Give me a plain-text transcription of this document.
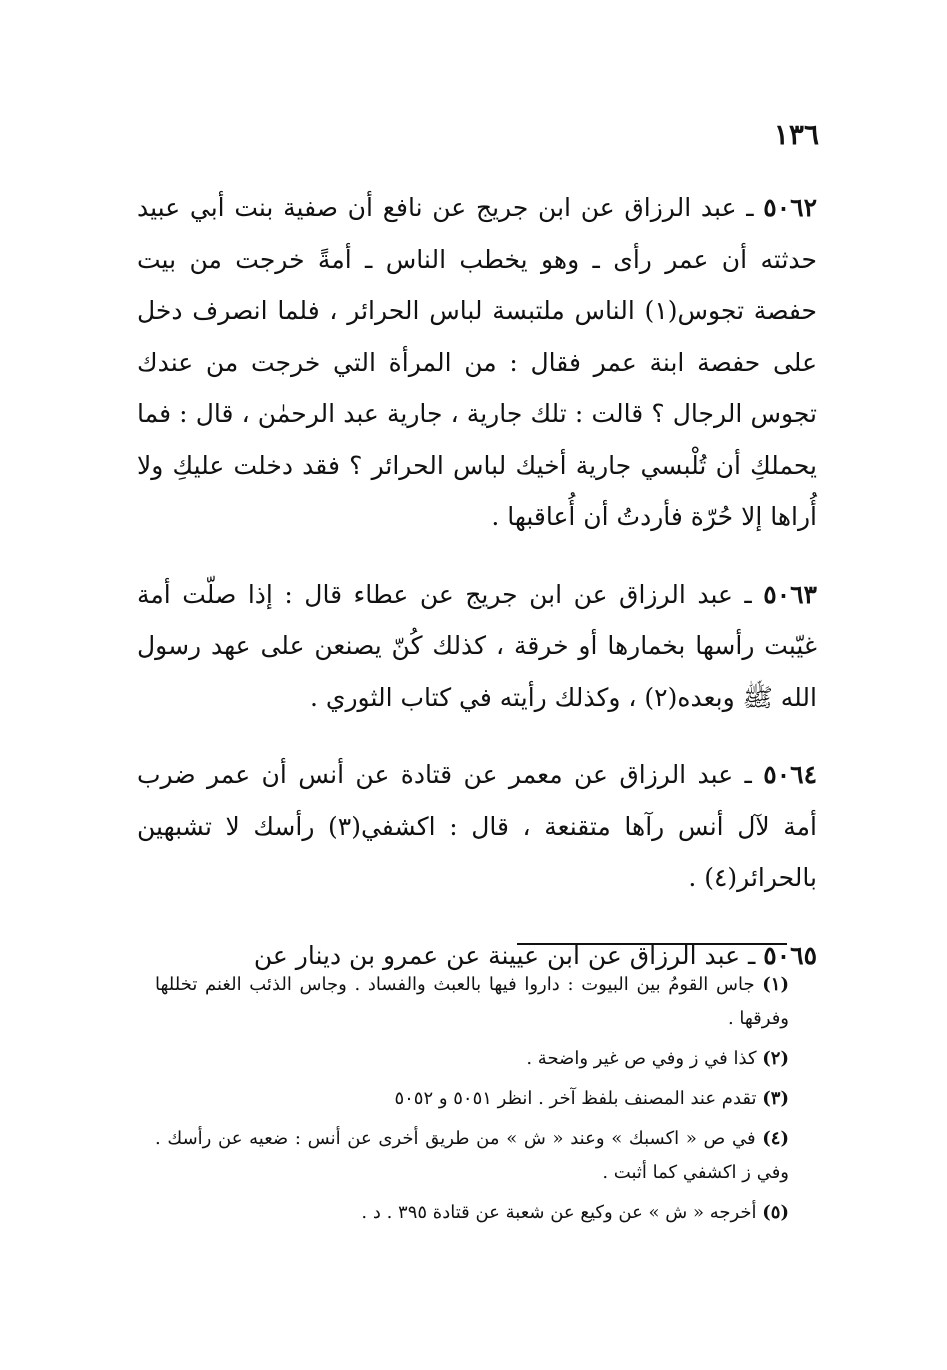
١٣٦

٥٠٦٢ ـ عبد الرزاق عن ابن جريج عن نافع أن صفية بنت أبي عبيد حدثته أن عمر رأى ـ وهو يخطب الناس ـ أمةً خرجت من بيت حفصة تجوس(١) الناس ملتبسة لباس الحرائر ، فلما انصرف دخل على حفصة ابنة عمر فقال : من المرأة التي خرجت من عندك تجوس الرجال ؟ قالت : تلك جارية ، جارية عبد الرحمٰن ، قال : فما يحملكِ أن تُلْبسي جارية أخيك لباس الحرائر ؟ فقد دخلت عليكِ ولا أُراها إلا حُرّة فأردتُ أن أُعاقبها .

٥٠٦٣ ـ عبد الرزاق عن ابن جريج عن عطاء قال : إذا صلّت أمة غيّبت رأسها بخمارها أو خرقة ، كذلك كُنّ يصنعن على عهد رسول الله ﷺ وبعده(٢) ، وكذلك رأيته في كتاب الثوري .

٥٠٦٤ ـ عبد الرزاق عن معمر عن قتادة عن أنس أن عمر ضرب أمة لآل أنس رآها متقنعة ، قال : اكشفي(٣) رأسك لا تشبهين بالحرائر(٤) .

٥٠٦٥ ـ عبد الرزاق عن ابن عيينة عن عمرو بن دينار عن

(١) جاس القومُ بين البيوت : داروا فيها بالعبث والفساد . وجاس الذئب الغنم تخللها وفرقها .

(٢) كذا في ز وفي ص غير واضحة .

(٣) تقدم عند المصنف بلفظ آخر . انظر ٥٠٥١ و ٥٠٥٢

(٤) في ص « اكسبك » وعند « ش » من طريق أخرى عن أنس : ضعيه عن رأسك . وفي ز اكشفي كما أثبت .

(٥) أخرجه « ش » عن وكيع عن شعبة عن قتادة ٣٩٥ . د .
